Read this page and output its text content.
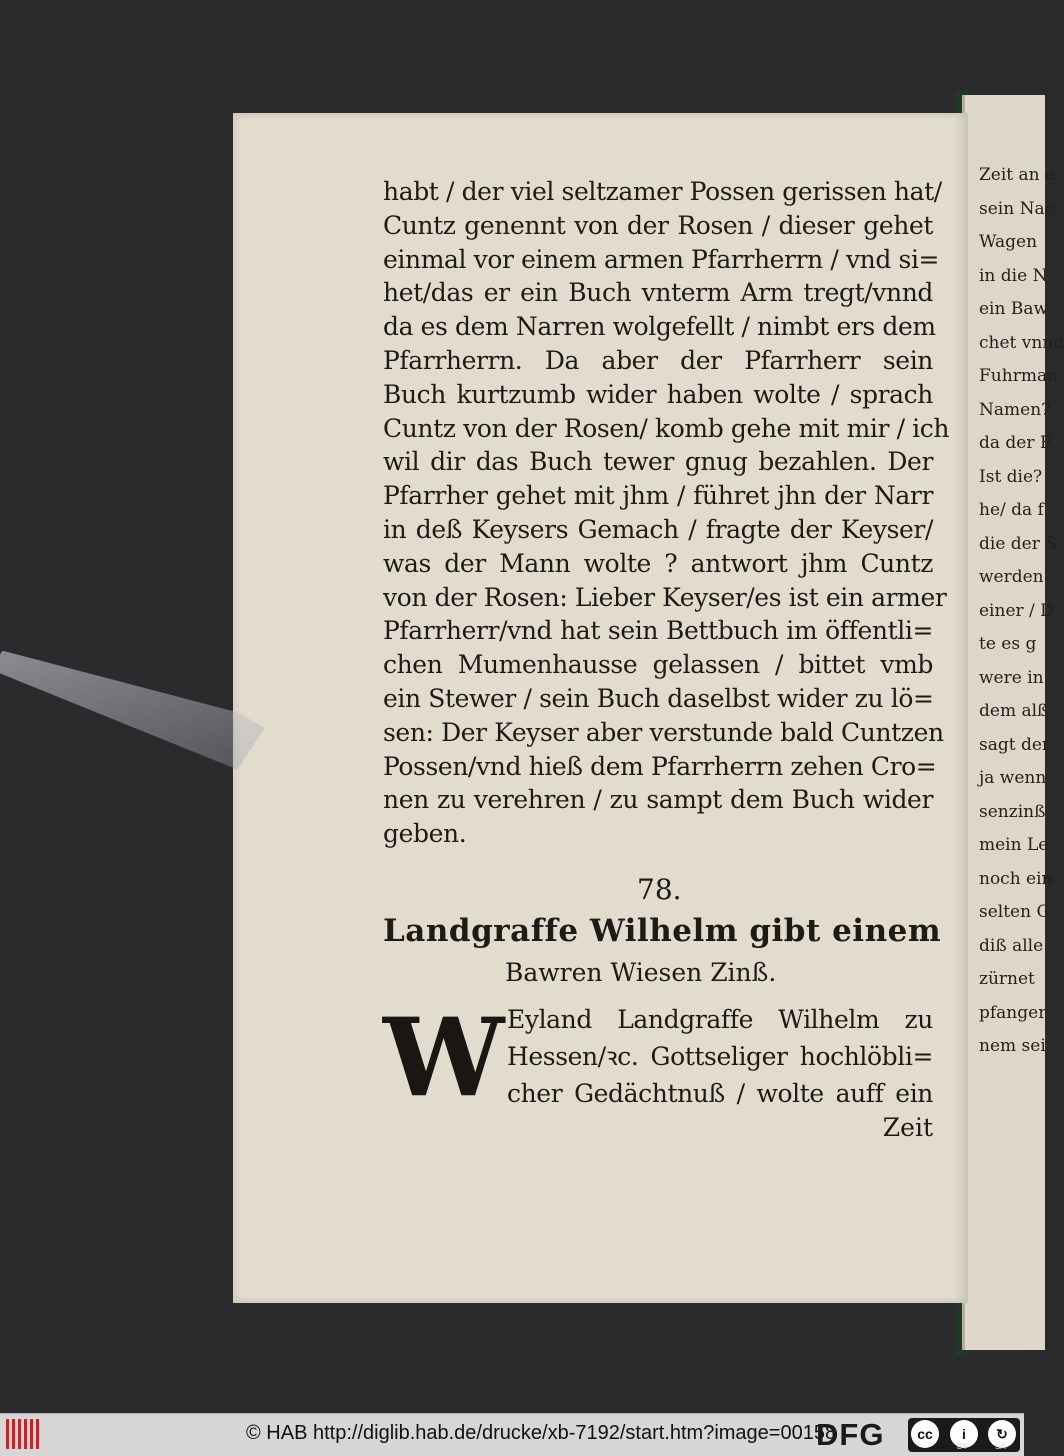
Zeit an e
sein Nac
Wagen
in die N
ein Baw
chet vnnd
Fuhrman
Namen?
da der F
Ist die?
he/ da f
die der S
werden
einer / D
te es g
were in
dem alß
sagt der
ja wenn
senzinß
mein Le
noch ein
selten G
diß alle
zürnet
pfanger
nem sei
habt / der viel seltzamer Possen gerissen hat/
Cuntz genennt von der Rosen / dieser gehet
einmal vor einem armen Pfarrherrn / vnd si=
het/das er ein Buch vnterm Arm tregt/vnnd
da es dem Narren wolgefellt / nimbt ers dem
Pfarrherrn. Da aber der Pfarrherr sein
Buch kurtzumb wider haben wolte / sprach
Cuntz von der Rosen/ komb gehe mit mir / ich
wil dir das Buch tewer gnug bezahlen. Der
Pfarrher gehet mit jhm / führet jhn der Narr
in deß Keysers Gemach / fragte der Keyser/
was der Mann wolte ? antwort jhm Cuntz
von der Rosen: Lieber Keyser/es ist ein armer
Pfarrherr/vnd hat sein Bettbuch im öffentli=
chen Mumenhausse gelassen / bittet vmb
ein Stewer / sein Buch daselbst wider zu lö=
sen: Der Keyser aber verstunde bald Cuntzen
Possen/vnd hieß dem Pfarrherrn zehen Cro=
nen zu verehren / zu sampt dem Buch wider
geben.
78.
Landgraffe Wilhelm gibt einem
Bawren Wiesen Zinß.
W Eyland Landgraffe Wilhelm zu
Hessen/ꝛc. Gottseliger hochlöbli=
cher Gedächtnuß / wolte auff ein
Zeit
© HAB http://diglib.hab.de/drucke/xb-7192/start.htm?image=00158
DFG	cc	i	↻
BY	SA
